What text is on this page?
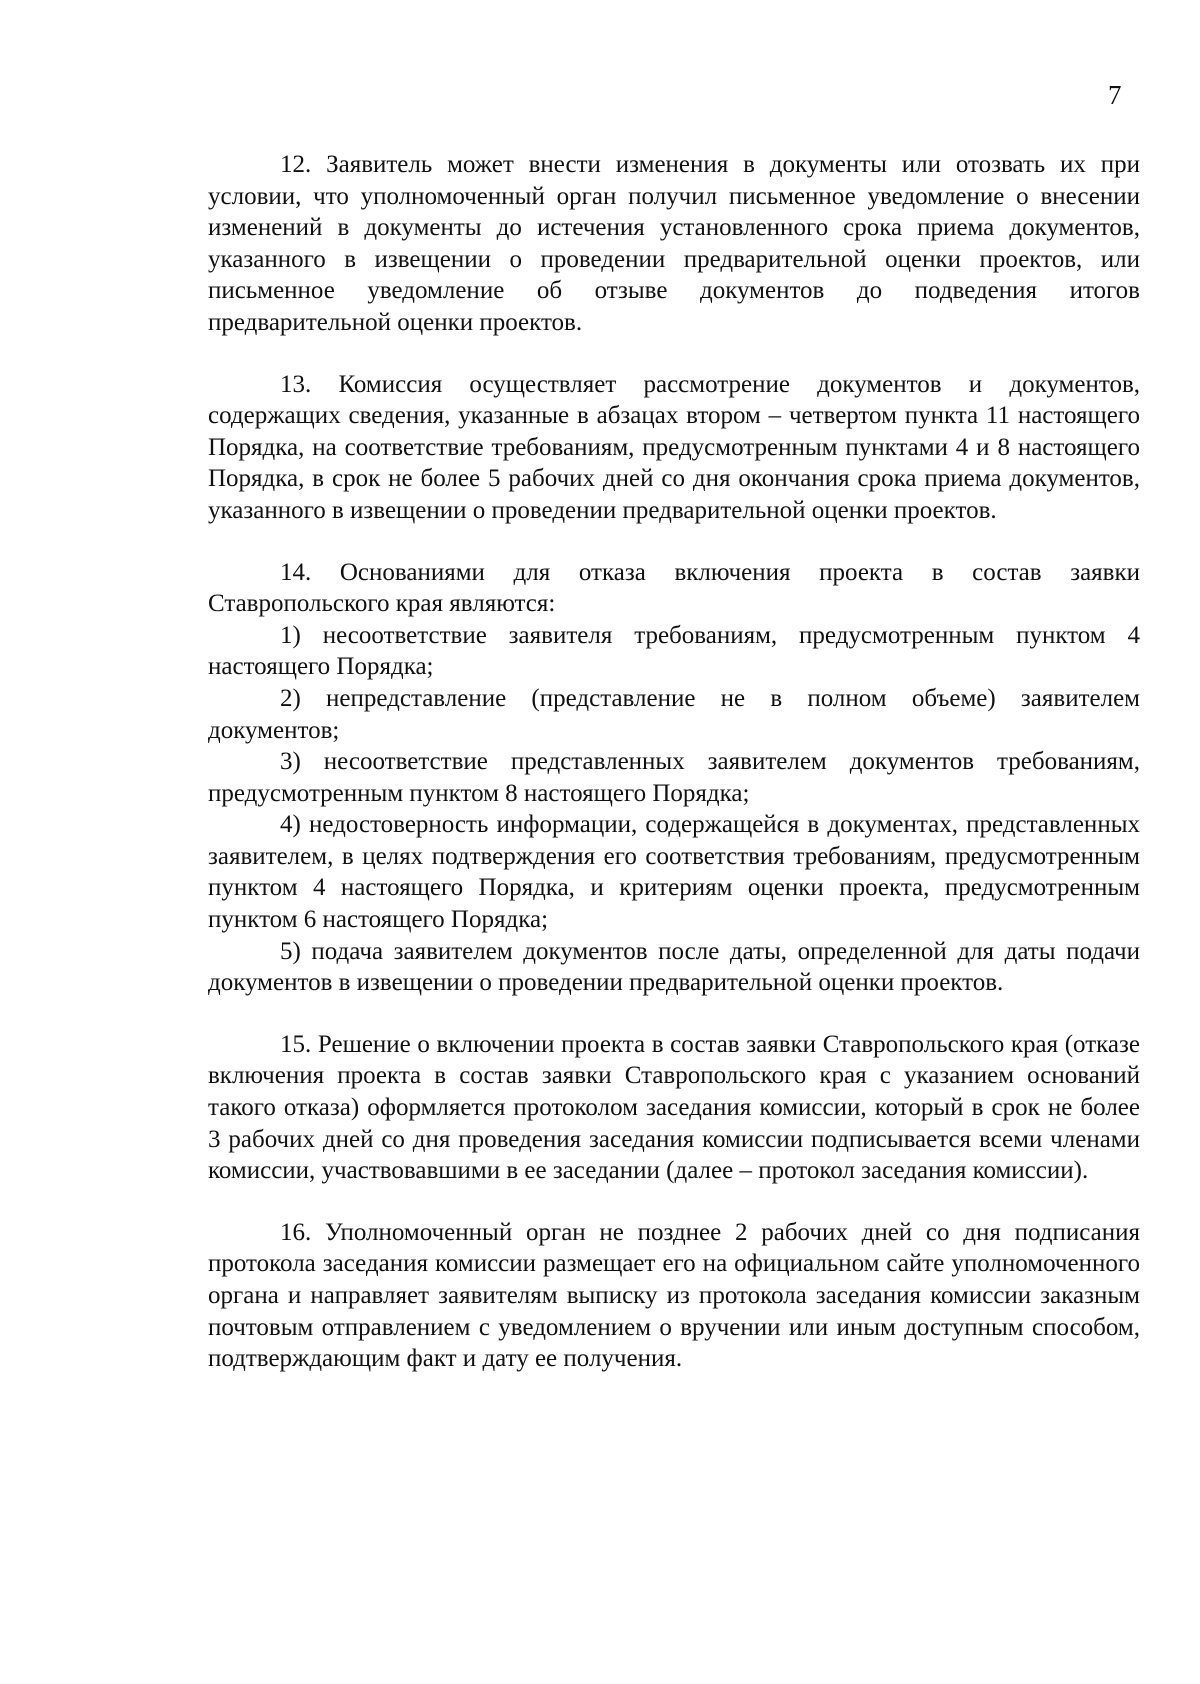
7

12. Заявитель может внести изменения в документы или отозвать их при условии, что уполномоченный орган получил письменное уведомление о внесении изменений в документы до истечения установленного срока приема документов, указанного в извещении о проведении предварительной оценки проектов, или письменное уведомление об отзыве документов до подведения итогов предварительной оценки проектов.

13. Комиссия осуществляет рассмотрение документов и документов, содержащих сведения, указанные в абзацах втором – четвертом пункта 11 настоящего Порядка, на соответствие требованиям, предусмотренным пунктами 4 и 8 настоящего Порядка, в срок не более 5 рабочих дней со дня окончания срока приема документов, указанного в извещении о проведении предварительной оценки проектов.

14. Основаниями для отказа включения проекта в состав заявки Ставропольского края являются:

1) несоответствие заявителя требованиям, предусмотренным пунктом 4 настоящего Порядка;

2) непредставление (представление не в полном объеме) заявителем документов;

3) несоответствие представленных заявителем документов требованиям, предусмотренным пунктом 8 настоящего Порядка;

4) недостоверность информации, содержащейся в документах, представленных заявителем, в целях подтверждения его соответствия требованиям, предусмотренным пунктом 4 настоящего Порядка, и критериям оценки проекта, предусмотренным пунктом 6 настоящего Порядка;

5) подача заявителем документов после даты, определенной для даты подачи документов в извещении о проведении предварительной оценки проектов.

15. Решение о включении проекта в состав заявки Ставропольского края (отказе включения проекта в состав заявки Ставропольского края с указанием оснований такого отказа) оформляется протоколом заседания комиссии, который в срок не более 3 рабочих дней со дня проведения заседания комиссии подписывается всеми членами комиссии, участвовавшими в ее заседании (далее – протокол заседания комиссии).

16. Уполномоченный орган не позднее 2 рабочих дней со дня подписания протокола заседания комиссии размещает его на официальном сайте уполномоченного органа и направляет заявителям выписку из протокола заседания комиссии заказным почтовым отправлением с уведомлением о вручении или иным доступным способом, подтверждающим факт и дату ее получения.
